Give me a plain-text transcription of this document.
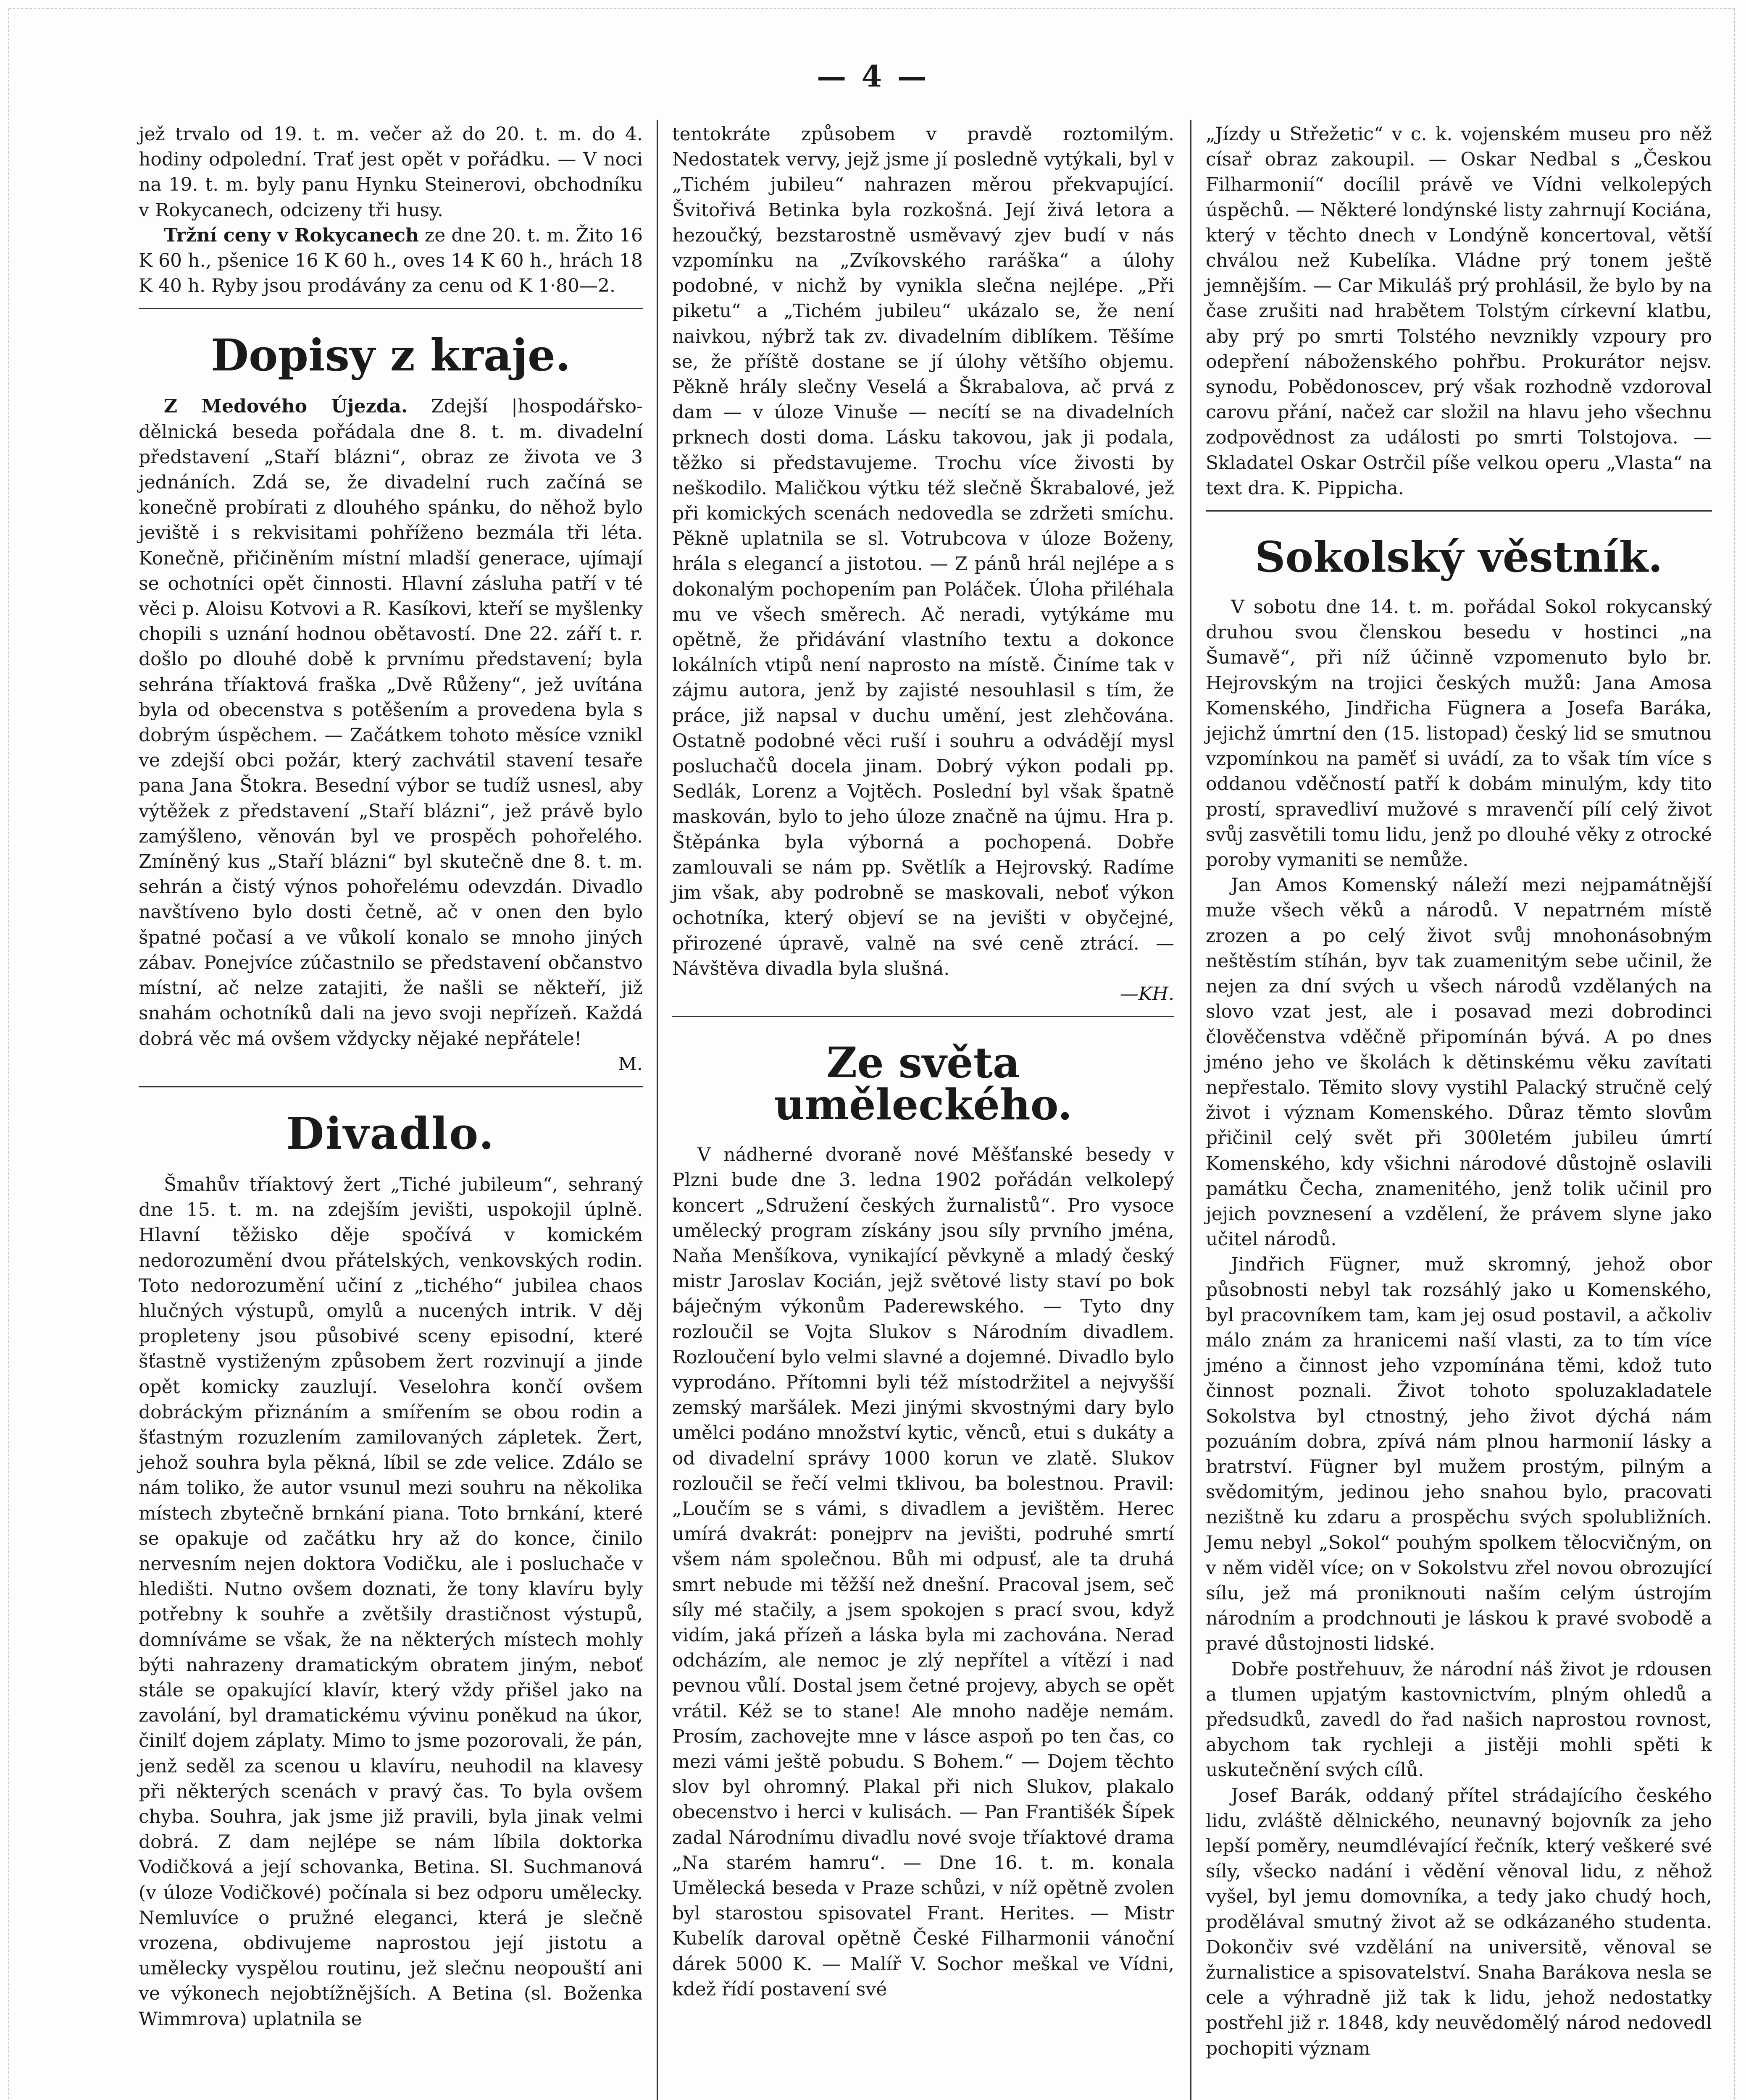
— 4 —

jež trvalo od 19. t. m. večer až do 20. t. m. do 4. hodiny odpolední. Trať jest opět v pořádku. — V noci na 19. t. m. byly panu Hynku Steinerovi, obchodníku v Rokycanech, odcizeny tři husy.

Tržní ceny v Rokycanech ze dne 20. t. m. Žito 16 K 60 h., pšenice 16 K 60 h., oves 14 K 60 h., hrách 18 K 40 h. Ryby jsou prodávány za cenu od K 1·80—2.

Dopisy z kraje.

Z Medového Újezda. Zdejší |hospodářsko-dělnická beseda pořádala dne 8. t. m. divadelní představení „Staří blázni“, obraz ze života ve 3 jednáních. Zdá se, že divadelní ruch začíná se konečně probírati z dlouhého spánku, do něhož bylo jeviště i s rekvisitami pohříženo bezmála tři léta. Konečně, přičiněním místní mladší generace, ujímají se ochotníci opět činnosti. Hlavní zásluha patří v té věci p. Aloisu Kotvovi a R. Kasíkovi, kteří se myšlenky chopili s uznání hodnou obětavostí. Dne 22. září t. r. došlo po dlouhé době k prvnímu představení; byla sehrána tříaktová fraška „Dvě Růženy“, jež uvítána byla od obecenstva s potěšením a provedena byla s dobrým úspěchem. — Začátkem tohoto měsíce vznikl ve zdejší obci požár, který zachvátil stavení tesaře pana Jana Štokra. Besední výbor se tudíž usnesl, aby výtěžek z představení „Staří blázni“, jež právě bylo zamýšleno, věnován byl ve prospěch pohořelého. Zmíněný kus „Staří blázni“ byl skutečně dne 8. t. m. sehrán a čistý výnos pohořelému odevzdán. Divadlo navštíveno bylo dosti četně, ač v onen den bylo špatné počasí a ve vůkolí konalo se mnoho jiných zábav. Ponejvíce zúčastnilo se představení občanstvo místní, ač nelze zatajiti, že našli se někteří, již snahám ochotníků dali na jevo svoji nepřízeň. Každá dobrá věc má ovšem vždycky nějaké nepřátele!

M.

Divadlo.

Šmahův tříaktový žert „Tiché jubileum“, sehraný dne 15. t. m. na zdejším jevišti, uspokojil úplně. Hlavní těžisko děje spočívá v komickém nedorozumění dvou přátelských, venkovských rodin. Toto nedorozumění učiní z „tichého“ jubilea chaos hlučných výstupů, omylů a nucených intrik. V děj propleteny jsou působivé sceny episodní, které šťastně vystiženým způsobem žert rozvinují a jinde opět komicky zauzlují. Veselohra končí ovšem dobráckým přiznáním a smířením se obou rodin a šťastným rozuzlením zamilovaných zápletek. Žert, jehož souhra byla pěkná, líbil se zde velice. Zdálo se nám toliko, že autor vsunul mezi souhru na několika místech zbytečně brnkání piana. Toto brnkání, které se opakuje od začátku hry až do konce, činilo nervesním nejen doktora Vodičku, ale i posluchače v hledišti. Nutno ovšem doznati, že tony klavíru byly potřebny k souhře a zvětšily drastičnost výstupů, domníváme se však, že na některých místech mohly býti nahrazeny dramatickým obratem jiným, neboť stále se opakující klavír, který vždy přišel jako na zavolání, byl dramatickému vývinu poněkud na úkor, činilť dojem záplaty. Mimo to jsme pozorovali, že pán, jenž seděl za scenou u klavíru, neuhodil na klavesy při některých scenách v pravý čas. To byla ovšem chyba. Souhra, jak jsme již pravili, byla jinak velmi dobrá. Z dam nejlépe se nám líbila doktorka Vodičková a její schovanka, Betina. Sl. Suchmanová (v úloze Vodičkové) počínala si bez odporu umělecky. Nemluvíce o pružné eleganci, která je slečně vrozena, obdivujeme naprostou její jistotu a umělecky vyspělou routinu, jež slečnu neopouští ani ve výkonech nejobtížnějších. A Betina (sl. Boženka Wimmrova) uplatnila se

tentokráte způsobem v pravdě roztomilým. Nedostatek vervy, jejž jsme jí posledně vytýkali, byl v „Tichém jubileu“ nahrazen měrou překvapující. Švitořivá Betinka byla rozkošná. Její živá letora a hezoučký, bezstarostně usměvavý zjev budí v nás vzpomínku na „Zvíkovského raráška“ a úlohy podobné, v nichž by vynikla slečna nejlépe. „Při piketu“ a „Tichém jubileu“ ukázalo se, že není naivkou, nýbrž tak zv. divadelním diblíkem. Těšíme se, že příště dostane se jí úlohy většího objemu. Pěkně hrály slečny Veselá a Škrabalova, ač prvá z dam — v úloze Vinuše — necítí se na divadelních prknech dosti doma. Lásku takovou, jak ji podala, těžko si představujeme. Trochu více živosti by neškodilo. Maličkou výtku též slečně Škrabalové, jež při komických scenách nedovedla se zdržeti smíchu. Pěkně uplatnila se sl. Votrubcova v úloze Boženy, hrála s elegancí a jistotou. — Z pánů hrál nejlépe a s dokonalým pochopením pan Poláček. Úloha přiléhala mu ve všech směrech. Ač neradi, vytýkáme mu opětně, že přidávání vlastního textu a dokonce lokálních vtipů není naprosto na místě. Činíme tak v zájmu autora, jenž by zajisté nesouhlasil s tím, že práce, již napsal v duchu umění, jest zlehčována. Ostatně podobné věci ruší i souhru a odvádějí mysl posluchačů docela jinam. Dobrý výkon podali pp. Sedlák, Lorenz a Vojtěch. Poslední byl však špatně maskován, bylo to jeho úloze značně na újmu. Hra p. Štěpánka byla výborná a pochopená. Dobře zamlouvali se nám pp. Světlík a Hejrovský. Radíme jim však, aby podrobně se maskovali, neboť výkon ochotníka, který objeví se na jevišti v obyčejné, přirozené úpravě, valně na své ceně ztrácí. — Návštěva divadla byla slušná.

—KH.

Ze světa uměleckého.

V nádherné dvoraně nové Měšťanské besedy v Plzni bude dne 3. ledna 1902 pořádán velkolepý koncert „Sdružení českých žurnalistů“. Pro vysoce umělecký program získány jsou síly prvního jména, Naňa Menšíkova, vynikající pěvkyně a mladý český mistr Jaroslav Kocián, jejž světové listy staví po bok báječným výkonům Paderewského. — Tyto dny rozloučil se Vojta Slukov s Národním divadlem. Rozloučení bylo velmi slavné a dojemné. Divadlo bylo vyprodáno. Přítomni byli též místodržitel a nejvyšší zemský maršálek. Mezi jinými skvostnými dary bylo umělci podáno množství kytic, věnců, etui s dukáty a od divadelní správy 1000 korun ve zlatě. Slukov rozloučil se řečí velmi tklivou, ba bolestnou. Pravil: „Loučím se s vámi, s divadlem a jevištěm. Herec umírá dvakrát: ponejprv na jevišti, podruhé smrtí všem nám společnou. Bůh mi odpusť, ale ta druhá smrt nebude mi těžší než dnešní. Pracoval jsem, seč síly mé stačily, a jsem spokojen s prací svou, když vidím, jaká přízeň a láska byla mi zachována. Nerad odcházím, ale nemoc je zlý nepřítel a vítězí i nad pevnou vůlí. Dostal jsem četné projevy, abych se opět vrátil. Kéž se to stane! Ale mnoho naděje nemám. Prosím, zachovejte mne v lásce aspoň po ten čas, co mezi vámi ještě pobudu. S Bohem.“ — Dojem těchto slov byl ohromný. Plakal při nich Slukov, plakalo obecenstvo i herci v kulisách. — Pan Františék Šípek zadal Národnímu divadlu nové svoje tříaktové drama „Na starém hamru“. — Dne 16. t. m. konala Umělecká beseda v Praze schůzi, v níž opětně zvolen byl starostou spisovatel Frant. Herites. — Mistr Kubelík daroval opětně České Filharmonii vánoční dárek 5000 K. — Malíř V. Sochor meškal ve Vídni, kdež řídí postavení své

„Jízdy u Střežetic“ v c. k. vojenském museu pro něž císař obraz zakoupil. — Oskar Nedbal s „Českou Filharmonií“ docílil právě ve Vídni velkolepých úspěchů. — Některé londýnské listy zahrnují Kociána, který v těchto dnech v Londýně koncertoval, větší chválou než Kubelíka. Vládne prý tonem ještě jemnějším. — Car Mikuláš prý prohlásil, že bylo by na čase zrušiti nad hrabětem Tolstým církevní klatbu, aby prý po smrti Tolstého nevznikly vzpoury pro odepření náboženského pohřbu. Prokurátor nejsv. synodu, Pobědonoscev, prý však rozhodně vzdoroval carovu přání, načež car složil na hlavu jeho všechnu zodpovědnost za události po smrti Tolstojova. — Skladatel Oskar Ostrčil píše velkou operu „Vlasta“ na text dra. K. Pippicha.

Sokolský věstník.

V sobotu dne 14. t. m. pořádal Sokol rokycanský druhou svou členskou besedu v hostinci „na Šumavě“, při níž účinně vzpomenuto bylo br. Hejrovským na trojici českých mužů: Jana Amosa Komenského, Jindřicha Fügnera a Josefa Baráka, jejichž úmrtní den (15. listopad) český lid se smutnou vzpomínkou na paměť si uvádí, za to však tím více s oddanou vděčností patří k dobám minulým, kdy tito prostí, spravedliví mužové s mravenčí pílí celý život svůj zasvětili tomu lidu, jenž po dlouhé věky z otrocké poroby vymaniti se nemůže.

Jan Amos Komenský náleží mezi nejpamátnější muže všech věků a národů. V nepatrném místě zrozen a po celý život svůj mnohonásobným neštěstím stíhán, byv tak zuamenitým sebe učinil, že nejen za dní svých u všech národů vzdělaných na slovo vzat jest, ale i posavad mezi dobrodinci člověčenstva vděčně připomínán bývá. A po dnes jméno jeho ve školách k dětinskému věku zavítati nepřestalo. Těmito slovy vystihl Palacký stručně celý život i význam Komenského. Důraz těmto slovům přičinil celý svět při 300letém jubileu úmrtí Komenského, kdy všichni národové důstojně oslavili památku Čecha, znamenitého, jenž tolik učinil pro jejich povznesení a vzdělení, že právem slyne jako učitel národů.

Jindřich Fügner, muž skromný, jehož obor působnosti nebyl tak rozsáhlý jako u Komenského, byl pracovníkem tam, kam jej osud postavil, a ačkoliv málo znám za hranicemi naší vlasti, za to tím více jméno a činnost jeho vzpomínána těmi, kdož tuto činnost poznali. Život tohoto spoluzakladatele Sokolstva byl ctnostný, jeho život dýchá nám pozuáním dobra, zpívá nám plnou harmonií lásky a bratrství. Fügner byl mužem prostým, pilným a svědomitým, jedinou jeho snahou bylo, pracovati nezištně ku zdaru a prospěchu svých spolubližních. Jemu nebyl „Sokol“ pouhým spolkem tělocvičným, on v něm viděl více; on v Sokolstvu zřel novou obrozující sílu, jež má proniknouti naším celým ústrojím národním a prodchnouti je láskou k pravé svobodě a pravé důstojnosti lidské.

Dobře postřehuuv, že národní náš život je rdousen a tlumen upjatým kastovnictvím, plným ohledů a předsudků, zavedl do řad našich naprostou rovnost, abychom tak rychleji a jistěji mohli spěti k uskutečnění svých cílů.

Josef Barák, oddaný přítel strádajícího českého lidu, zvláště dělnického, neunavný bojovník za jeho lepší poměry, neumdlévající řečník, který veškeré své síly, všecko nadání i vědění věnoval lidu, z něhož vyšel, byl jemu domovníka, a tedy jako chudý hoch, prodělával smutný život až se odkázaného studenta. Dokončiv své vzdělání na universitě, věnoval se žurnalistice a spisovatelství. Snaha Barákova nesla se cele a výhradně již tak k lidu, jehož nedostatky postřehl již r. 1848, kdy neuvědomělý národ nedovedl pochopiti význam
